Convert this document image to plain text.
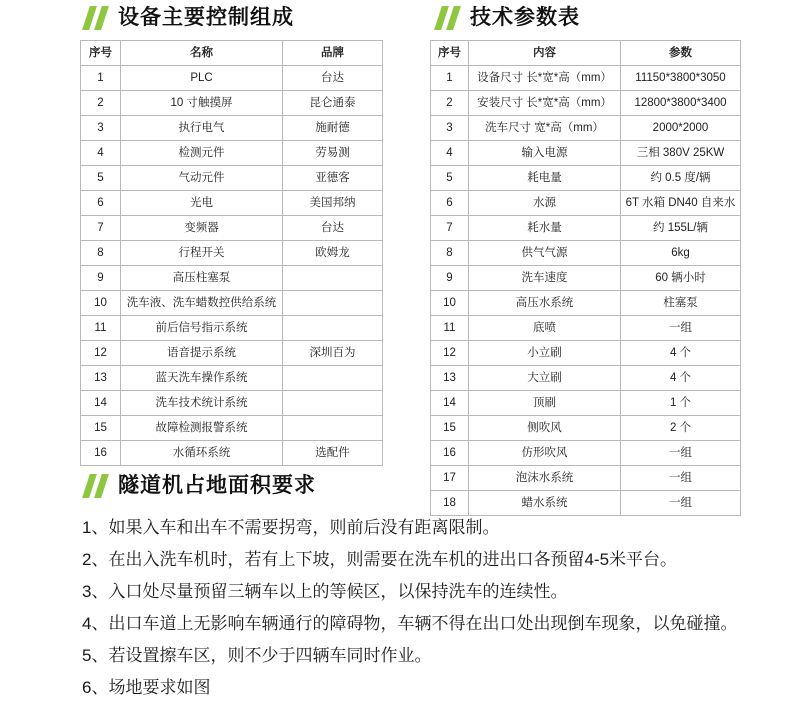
设备主要控制组成	技术参数表
序号	名称	品牌
1	PLC	台达
2	10 寸触摸屏	昆仑通泰
3	执行电气	施耐德
4	检测元件	劳易测
5	气动元件	亚德客
6	光电	美国邦纳
7	变频器	台达
8	行程开关	欧姆龙
9	高压柱塞泵	
10	洗车液、洗车蜡数控供给系统	
11	前后信号指示系统	
12	语音提示系统	深圳百为
13	蓝天洗车操作系统	
14	洗车技术统计系统	
15	故障检测报警系统	
16	水循环系统	选配件
序号	内容	参数
1	设备尺寸 长*宽*高（mm）	11150*3800*3050
2	安装尺寸 长*宽*高（mm）	12800*3800*3400
3	洗车尺寸 宽*高（mm）	2000*2000
4	输入电源	三相 380V 25KW
5	耗电量	约 0.5 度/辆
6	水源	6T 水箱 DN40 自来水
7	耗水量	约 155L/辆
8	供气气源	6kg
9	洗车速度	60 辆小时
10	高压水系统	柱塞泵
11	底喷	一组
12	小立刷	4 个
13	大立刷	4 个
14	顶刷	1 个
15	侧吹风	2 个
16	仿形吹风	一组
17	泡沫水系统	一组
18	蜡水系统	一组
隧道机占地面积要求
1、如果入车和出车不需要拐弯，则前后没有距离限制。
2、在出入洗车机时，若有上下坡，则需要在洗车机的进出口各预留4-5米平台。
3、入口处尽量预留三辆车以上的等候区，以保持洗车的连续性。
4、出口车道上无影响车辆通行的障碍物，车辆不得在出口处出现倒车现象，以免碰撞。
5、若设置擦车区，则不少于四辆车同时作业。
6、场地要求如图
